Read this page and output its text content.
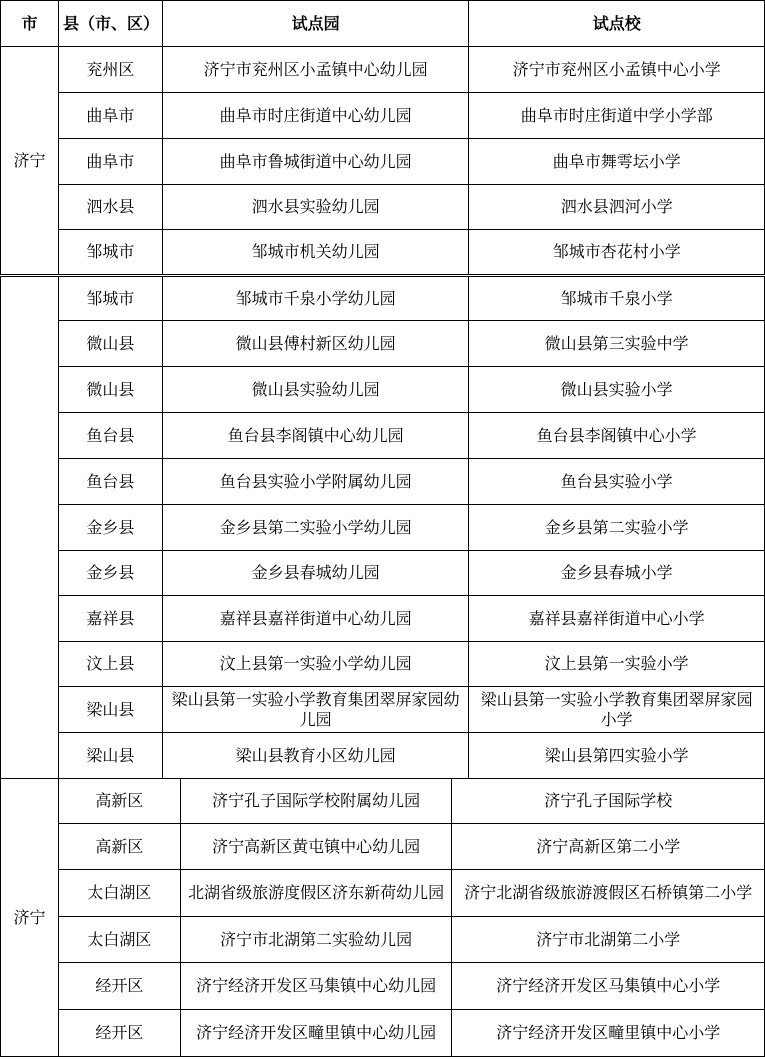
市	县（市、区）	试点园	试点校
济宁	兖州区	济宁市兖州区小孟镇中心幼儿园	济宁市兖州区小孟镇中心小学
	曲阜市	曲阜市时庄街道中心幼儿园	曲阜市时庄街道中学小学部
	曲阜市	曲阜市鲁城街道中心幼儿园	曲阜市舞雩坛小学
	泗水县	泗水县实验幼儿园	泗水县泗河小学
	邹城市	邹城市机关幼儿园	邹城市杏花村小学
	邹城市	邹城市千泉小学幼儿园	邹城市千泉小学
	微山县	微山县傅村新区幼儿园	微山县第三实验中学
	微山县	微山县实验幼儿园	微山县实验小学
	鱼台县	鱼台县李阁镇中心幼儿园	鱼台县李阁镇中心小学
	鱼台县	鱼台县实验小学附属幼儿园	鱼台县实验小学
	金乡县	金乡县第二实验小学幼儿园	金乡县第二实验小学
	金乡县	金乡县春城幼儿园	金乡县春城小学
	嘉祥县	嘉祥县嘉祥街道中心幼儿园	嘉祥县嘉祥街道中心小学
	汶上县	汶上县第一实验小学幼儿园	汶上县第一实验小学
	梁山县	梁山县第一实验小学教育集团翠屏家园幼儿园	梁山县第一实验小学教育集团翠屏家园小学
	梁山县	梁山县教育小区幼儿园	梁山县第四实验小学
济宁	高新区	济宁孔子国际学校附属幼儿园	济宁孔子国际学校
	高新区	济宁高新区黄屯镇中心幼儿园	济宁高新区第二小学
	太白湖区	北湖省级旅游度假区济东新荷幼儿园	济宁北湖省级旅游渡假区石桥镇第二小学
	太白湖区	济宁市北湖第二实验幼儿园	济宁市北湖第二小学
	经开区	济宁经济开发区马集镇中心幼儿园	济宁经济开发区马集镇中心小学
	经开区	济宁经济开发区疃里镇中心幼儿园	济宁经济开发区疃里镇中心小学
